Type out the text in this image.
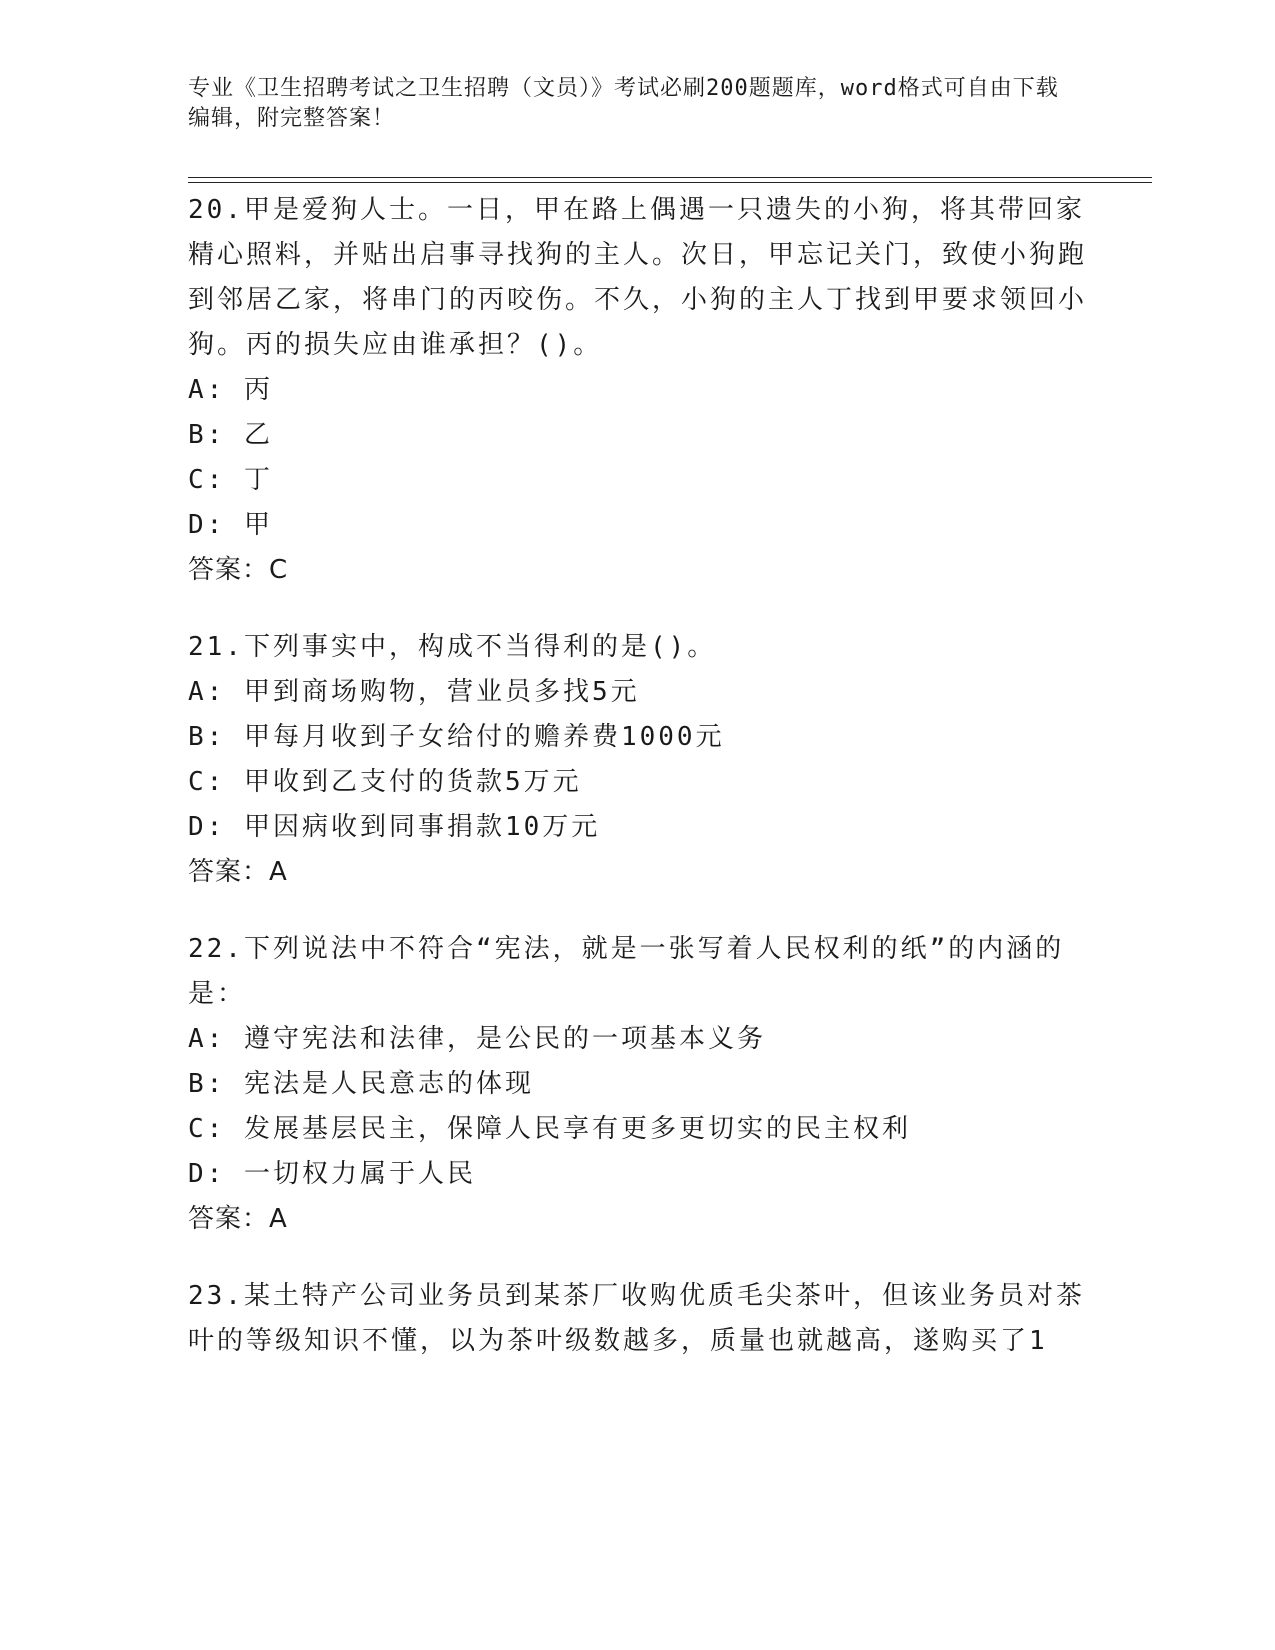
专业《卫生招聘考试之卫生招聘（文员）》考试必刷200题题库，word格式可自由下载编辑，附完整答案！
20.甲是爱狗人士。一日，甲在路上偶遇一只遗失的小狗，将其带回家精心照料，并贴出启事寻找狗的主人。次日，甲忘记关门，致使小狗跑到邻居乙家，将串门的丙咬伤。不久，小狗的主人丁找到甲要求领回小狗。丙的损失应由谁承担？()。
A: 丙
B: 乙
C: 丁
D: 甲
答案：C
21.下列事实中，构成不当得利的是()。
A: 甲到商场购物，营业员多找5元
B: 甲每月收到子女给付的赡养费1000元
C: 甲收到乙支付的货款5万元
D: 甲因病收到同事捐款10万元
答案：A
22.下列说法中不符合“宪法，就是一张写着人民权利的纸”的内涵的是：
A: 遵守宪法和法律，是公民的一项基本义务
B: 宪法是人民意志的体现
C: 发展基层民主，保障人民享有更多更切实的民主权利
D: 一切权力属于人民
答案：A
23.某土特产公司业务员到某茶厂收购优质毛尖茶叶，但该业务员对茶叶的等级知识不懂，以为茶叶级数越多，质量也就越高，遂购买了1
